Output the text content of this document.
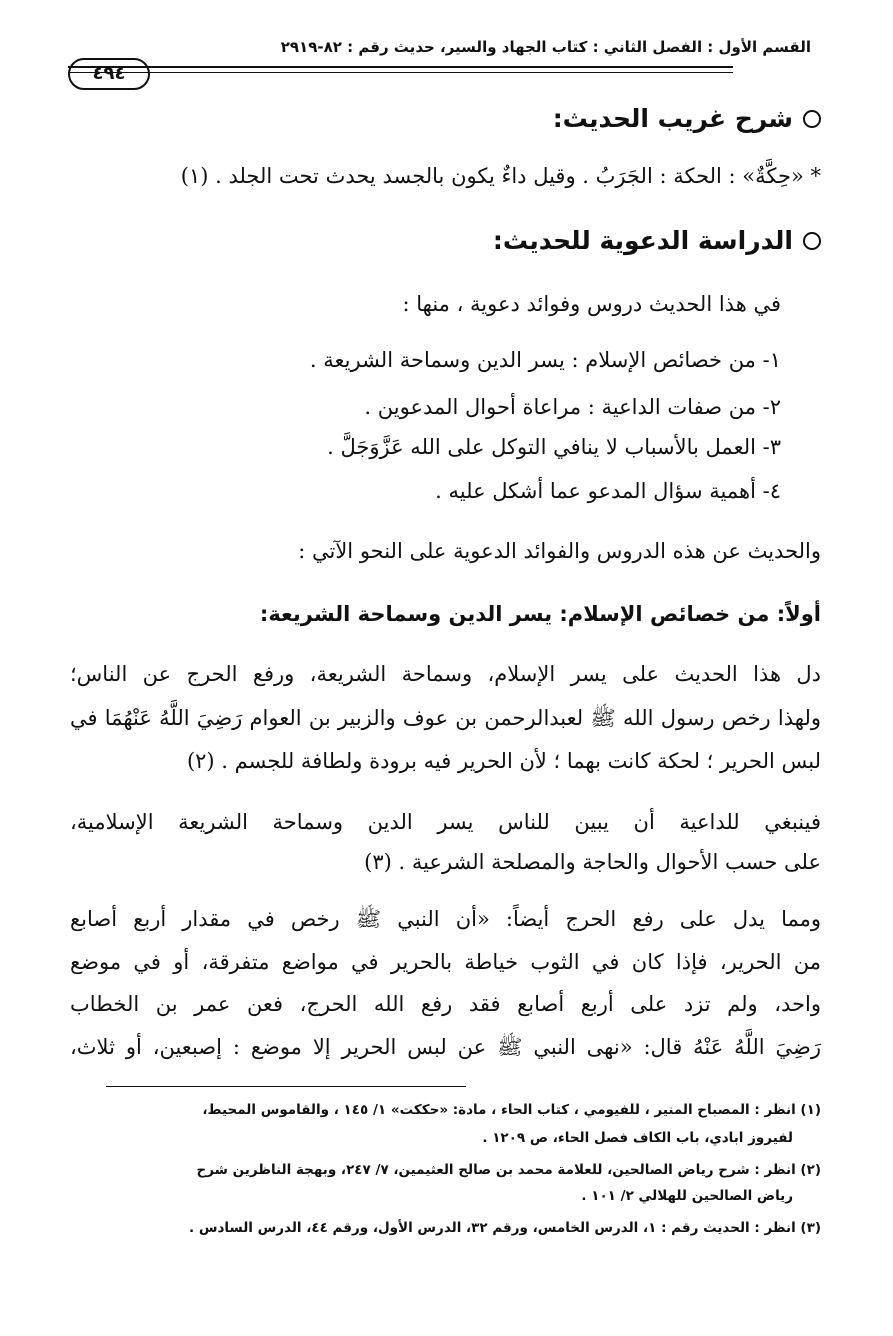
القسم الأول : الفصل الثاني : كتاب الجهاد والسير، حديث رقم : ٨٢-٢٩١٩
٤٩٤
شرح غريب الحديث:
* «حِكَّةٌ» : الحكة : الجَرَبُ . وقيل داءٌ يكون بالجسد يحدث تحت الجلد . (١)
الدراسة الدعوية للحديث:
في هذا الحديث دروس وفوائد دعوية ، منها :
١- من خصائص الإسلام : يسر الدين وسماحة الشريعة .
٢- من صفات الداعية : مراعاة أحوال المدعوين .
٣- العمل بالأسباب لا ينافي التوكل على الله عَزَّوَجَلَّ .
٤- أهمية سؤال المدعو عما أشكل عليه .
والحديث عن هذه الدروس والفوائد الدعوية على النحو الآتي :
أولاً: من خصائص الإسلام: يسر الدين وسماحة الشريعة:
دل هذا الحديث على يسر الإسلام، وسماحة الشريعة، ورفع الحرج عن الناس؛
ولهذا رخص رسول الله ﷺ لعبدالرحمن بن عوف والزبير بن العوام رَضِيَ اللَّهُ عَنْهُمَا في
لبس الحرير ؛ لحكة كانت بهما ؛ لأن الحرير فيه برودة ولطافة للجسم . (٢)
فينبغي للداعية أن يبين للناس يسر الدين وسماحة الشريعة الإسلامية،
على حسب الأحوال والحاجة والمصلحة الشرعية . (٣)
ومما يدل على رفع الحرج أيضاً: «أن النبي ﷺ رخص في مقدار أربع أصابع
من الحرير، فإذا كان في الثوب خياطة بالحرير في مواضع متفرقة، أو في موضع
واحد، ولم تزد على أربع أصابع فقد رفع الله الحرج، فعن عمر بن الخطاب
رَضِيَ اللَّهُ عَنْهُ قال: «نهى النبي ﷺ عن لبس الحرير إلا موضع : إصبعين، أو ثلاث،
(١) انظر : المصباح المنير ، للفيومي ، كتاب الحاء ، مادة: «حككت» ١/ ١٤٥ ، والقاموس المحيط،
لفيروز ابادي، باب الكاف فصل الحاء، ص ١٢٠٩ .
(٢) انظر : شرح رياض الصالحين، للعلامة محمد بن صالح العثيمين، ٧/ ٢٤٧، وبهجة الناظرين شرح
رياض الصالحين للهلالي ٢/ ١٠١ .
(٣) انظر : الحديث رقم : ١، الدرس الخامس، ورقم ٣٢، الدرس الأول، ورقم ٤٤، الدرس السادس .
